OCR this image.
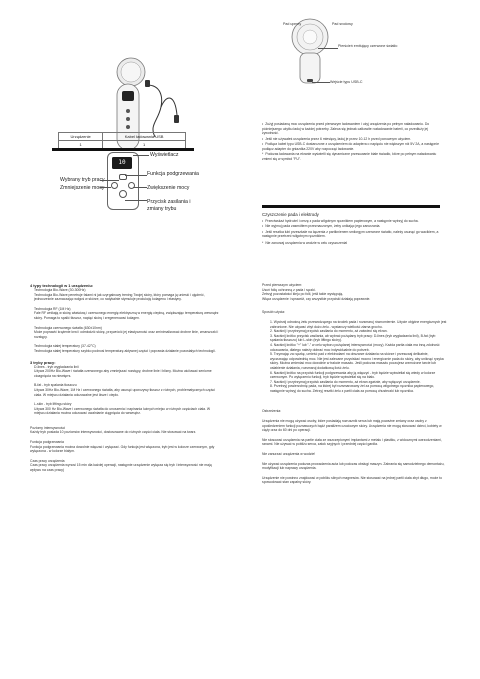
Urządzenie	Kabel ładowania USB
1	1
Wyświetlacz
Funkcja podgrzewania
Wybrany tryb pracy
Zmniejszenie mocy	Zwiększenie mocy
Przycisk zasilania i zmiany trybu
10
Pad upmey	Pad srodowy
Pierścień emitujący czerwone światło
Wejście typu USB-C
• Zużyj posiadaną moc urządzenia przed pierwszym ładowaniem i użyj urządzenia po pełnym naładowaniu. Do późniejszego użytku ładuj w każdej potrzeby. Zaleca się jednak całkowite rozładowanie baterii, co przedłuży jej żywotność.
• Jeśli nie używałeś urządzenia przez 6 miesięcy, ładuj je przez 10-12 h przed ponownym użyciem.
• Podłącz kabel typu USB-C dostarczone z urządzeniem do adaptera o napięciu nie większym niż 5V 2A, a następnie podłącz adapter do gniazdka 220V aby rozpocząć ładowanie.
* Podczas ładowania na ekranie wyświetli się dynamiczne przesuwanie białe świadło, które po pełnym naładowaniu zmieni się w symbol "FU".
Czyszczenie pada i elektrody
• Przeciwskaż hydrożel i cerzę z pada wilgotnym ręcznikiem papierowym, a następnie wytrzyj do sucha.
• Nie wyjmuj pada zasmółtem przeznaczonym, żeby unikając jego zanurzania.
• Jeśli resztka lubi przeszkale na łączenia z partiknienem smilorgym czerwone światło, należy usunąć go wacikiem, a następnie przetrzeć wilgotnym ręcznikiem.
* Nie zanurzaj urządzenia w wodzie w celu czyszczenia!
4 typy technologii w 1 urządzeniu:

Technologia Bio-Wave (30-300Hz)

Technologia Bio-Wave penetruje falami ni jak czyrgalnowy trening Twojej skóry, który pomaga ją uniesić i ujędrnić, jednocześnie zaznaczając wdgoś w skórze, co radykalnie stymuluje produkcję kolagenu i elastyny.

Technologia RF (1M Hz)

Fale RF wnikają w skórę właściwą i czerwonego energię elektryczną w energię cieplną, zwiększając temperaturę wewnątrz skóry. Pomaga to spalić tłuszcz, napiąć skórę i zregenerować kolagen.

Technologia czerwonego światła (630±10nm)

Może poprawić krążenie krwi i odmłodzić skórę, przywrócić jej elastyczność oraz zminimalizować drobne linie, zmarszczki i rozstępy.

Technologia stałej temperatury (37-42°C)

Technologia stałej temperatury szybko podnosi temperaturę aktywnej części i poprawia działanie pozostałych technologii.

3 tryby pracy:

D-lines - tryb wygładzania linii

Używa 200Hz Bio-Wave i światła czerwonego aby zmniejszać rozstępy, drobne linie i blizny. Można uśćiuwać seniorne cioagnięcia na niewtęrrs.

B-fat - tryb spalania tłuszczu

Używa 30Hz Bio-Wave, 1M Hz i czerwonego światła, aby usunąć uporczywy tłuszcz z różnych, problematycznych części ciała. W miejscu działania odczuwalne jest lższe i ciepło.

L-skin - tryb liftingu skóry

Używa 300 Hz Bio-Wave i czerwonego światła do unoszenia i napinania luźnych miejsc w różnych częściach ciała. W miejscu działania można odczuwać uwalnianie ciągnięcia do wewnątrz.

Poziomy intensywności

Każdy tryb posiada 10 poziomów intensywności, dostosowane do różnych części ciała. Nie stosować na twarz.

Funkcja podgrzewania

Funkcja podgrzewania można dowolnie włączać i wyłączać. Gdy funkcja jest włączona, tryb jest w kolorze czerwonym, gdy wyłączona - w kolorze białym.

Czas pracy urządzenia

Czas pracy urządzenia wynosi 15 min dla każdej operacji, następnie urządzenie wyłącza się tryb i intensywność nie mają wpływu na czas pracy)

Przed pierwszym użyciem:

Usuń folię ochronną z pada i rączki.

Zetrzyj pozostałości kleju po folii, jeśli takie występują.

Włącz urządzenie i sprawdź, czy wszystkie przyciski działają poprawnie.

Sposób użycia:

1. Wycisnij odnośną żelu przewodzącego na środek pada i rozsmaruj równomiernie. Użycie objętne energicznych jest zabronione. Nie używać zbyt dużo żelu - wystarczy wielkość ziarna grochu.

2. Naciśnij i przytrzymaj przycisk zasilania do momentu, aż zaświeci się ekran.

3. Naciśnij krótko przycisk zasilania, ab wybrać pożądany tryb pracy: D-lines (tryb wygładzania linii), B-fat (tryb spalania tłuszczu) lub L-skin (tryb liftingu skóry).

4. Naciśnij krótko "+" lub "-" w celu wyboru pożądanej intensywności (mocy). Każda partia ciała ma inną zdolność odczuwania, dlatego należy dobrać moc indywidualnie do potrzeb.

5. Trzymając za rączkę, umieść pad z elektrodami na obszarze działania na skórze i przesuwaj delikatnie, wyczuwając odpowiednią moc. Nie jest zalecane przyciskać mocno i energicznie pada do skóry, aby uniknąć ryzyka skóry. Można zmieniać moc dowolnie w trakcie masażu. Jeśli podczas masażu poczujesz wzmożone tarcie lub osłabienie działania, rozsmaruj dodatkową ilość żelu.

6. Naciśnij krótko na przycisk funkcji podgrzewania aby ją włączyć - tryb będzie wyświetlał się wtedy w kolorze czerwonym. Po wyłączeniu funkcji, tryb będzie wyświetlał się na biało.

7. Naciśnij i przytrzymaj przycisk zasilania do momentu, aż ekran zgaśnie, aby wyłączyć urządzenie.

8. Przetrzyj powierzchnię pada, na której był rozsmarowany żel za pomocą wilgotnego ręcznika papierowego, następnie wytrzyj do sucha. Zetrzyj resztki żelu z partii ciała za pomocą chusteczki lub ręcznika.

Ostrzeżenia:

Urządzenia nie mogą używać osoby, które posiadają rozrusznik serca lub mają poważne zmiany oraz osoby z upośledzeniem funkcji poznawczych bądź paraliżem czuciowym skóry. Urządzenia nie mogą stosować dzieci, kobiety w ciąży oraz do 60 dni po operacji.

Nie stosować urządzenia na partie ciała ze wszczepionymi implantami z metalu i plastiku, z widocznymi owrzodzeniami, ranami. Nie używać w pobliżu serca, zatok szyjnych i przedniej części gardła.

Nie zanurzać urządzenia w wodzie!

Nie używać urządzenia podczas prowadzenia auta lub podczas obsługi maszyn. Zabrania się samodzielnego demontażu, modyfikacji lub naprawy urządzenia.

Urządzenie nie powinno znajdować w pobliżu silnych magnesów. Nie stosować na jednej partii ciała zbyt długo, może to spowodować stan zapalny skóry.
